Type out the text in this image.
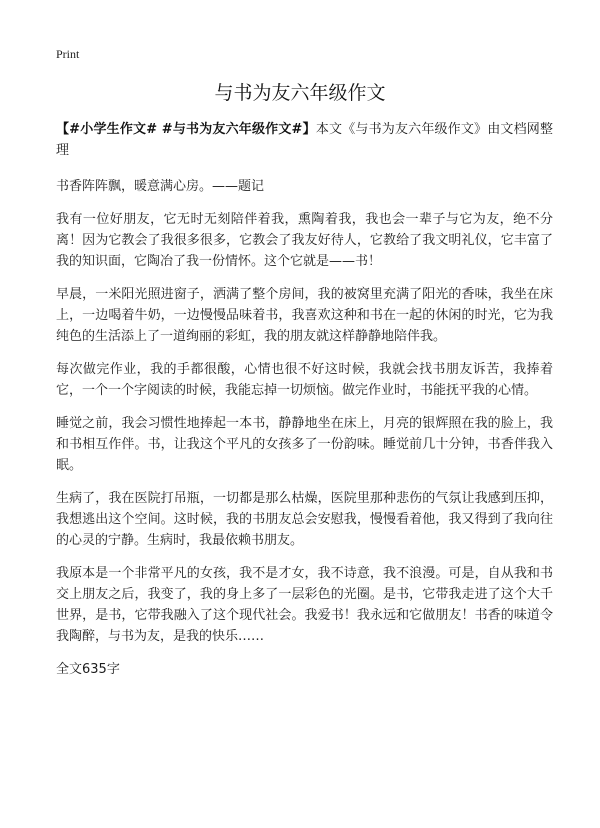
Print
与书为友六年级作文

【#小学生作文# #与书为友六年级作文#】本文《与书为友六年级作文》由文档网整理

书香阵阵飘，暖意满心房。——题记

我有一位好朋友，它无时无刻陪伴着我，熏陶着我，我也会一辈子与它为友，绝不分离！因为它教会了我很多很多，它教会了我友好待人，它教给了我文明礼仪，它丰富了我的知识面，它陶冶了我一份情怀。这个它就是——书！

早晨，一米阳光照进窗子，洒满了整个房间，我的被窝里充满了阳光的香味，我坐在床上，一边喝着牛奶，一边慢慢品味着书，我喜欢这种和书在一起的休闲的时光，它为我纯色的生活添上了一道绚丽的彩虹，我的朋友就这样静静地陪伴我。

每次做完作业，我的手都很酸，心情也很不好这时候，我就会找书朋友诉苦，我捧着它，一个一个字阅读的时候，我能忘掉一切烦恼。做完作业时，书能抚平我的心情。

睡觉之前，我会习惯性地捧起一本书，静静地坐在床上，月亮的银辉照在我的脸上，我和书相互作伴。书，让我这个平凡的女孩多了一份韵味。睡觉前几十分钟，书香伴我入眠。

生病了，我在医院打吊瓶，一切都是那么枯燥，医院里那种悲伤的气氛让我感到压抑，我想逃出这个空间。这时候，我的书朋友总会安慰我，慢慢看着他，我又得到了我向往的心灵的宁静。生病时，我最依赖书朋友。

我原本是一个非常平凡的女孩，我不是才女，我不诗意，我不浪漫。可是，自从我和书交上朋友之后，我变了，我的身上多了一层彩色的光圈。是书，它带我走进了这个大千世界，是书，它带我融入了这个现代社会。我爱书！我永远和它做朋友！书香的味道令我陶醉，与书为友，是我的快乐……

全文635字
